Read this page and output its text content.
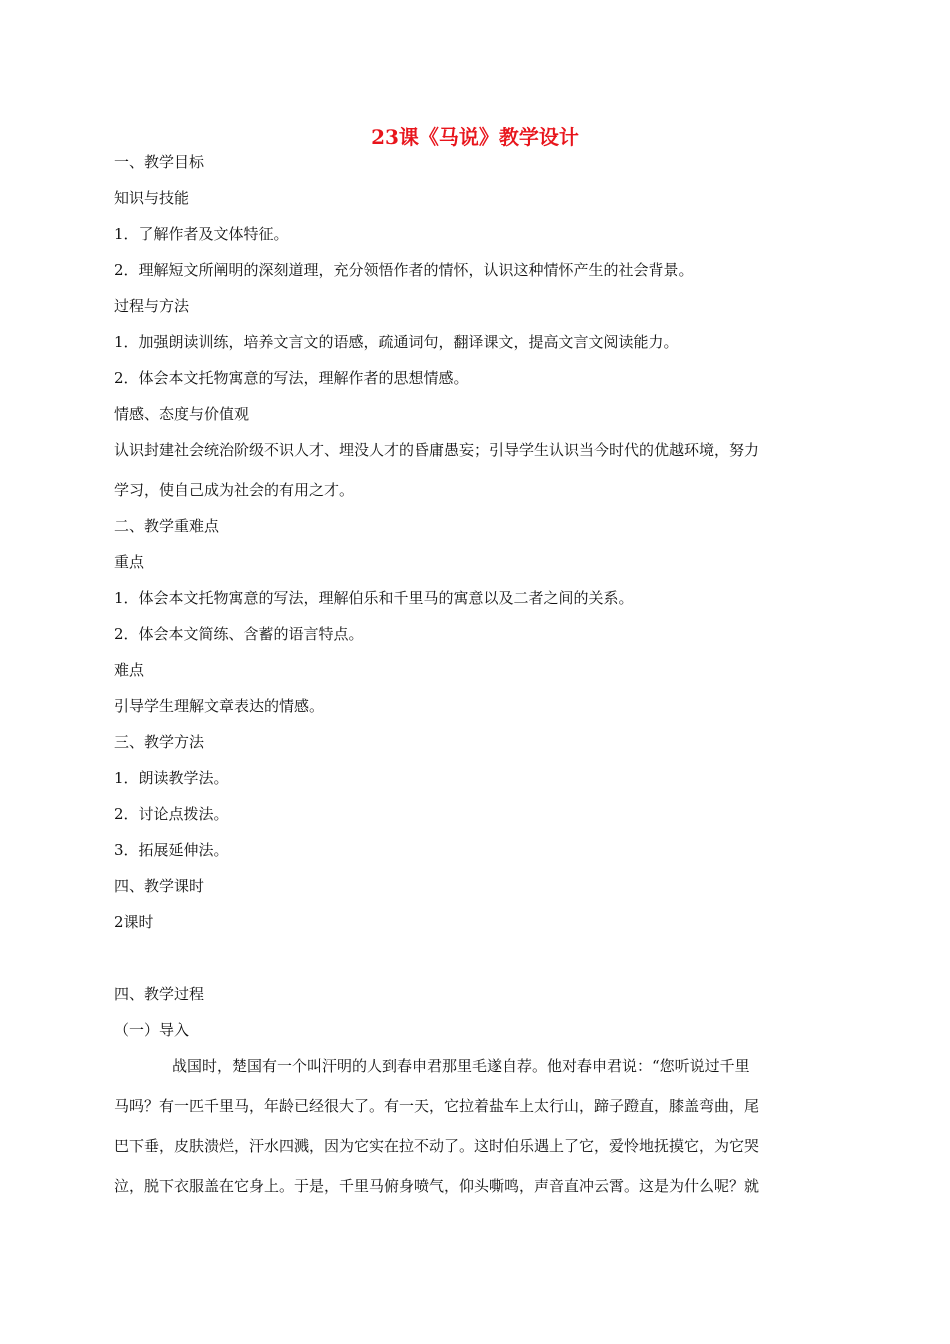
23课《马说》教学设计
一、教学目标
知识与技能
1．了解作者及文体特征。
2．理解短文所阐明的深刻道理，充分领悟作者的情怀，认识这种情怀产生的社会背景。
过程与方法
1．加强朗读训练，培养文言文的语感，疏通词句，翻译课文，提高文言文阅读能力。
2．体会本文托物寓意的写法，理解作者的思想情感。
情感、态度与价值观
认识封建社会统治阶级不识人才、埋没人才的昏庸愚妄；引导学生认识当今时代的优越环境，努力
学习，使自己成为社会的有用之才。
二、教学重难点
重点
1．体会本文托物寓意的写法，理解伯乐和千里马的寓意以及二者之间的关系。
2．体会本文简练、含蓄的语言特点。
难点
引导学生理解文章表达的情感。
三、教学方法
1．朗读教学法。
2．讨论点拨法。
3．拓展延伸法。
四、教学课时
2课时
四、教学过程
（一）导入
战国时，楚国有一个叫汗明的人到春申君那里毛遂自荐。他对春申君说：“您听说过千里
马吗？有一匹千里马，年龄已经很大了。有一天，它拉着盐车上太行山，蹄子蹬直，膝盖弯曲，尾
巴下垂，皮肤溃烂，汗水四溅，因为它实在拉不动了。这时伯乐遇上了它，爱怜地抚摸它，为它哭
泣，脱下衣服盖在它身上。于是，千里马俯身喷气，仰头嘶鸣，声音直冲云霄。这是为什么呢？就
